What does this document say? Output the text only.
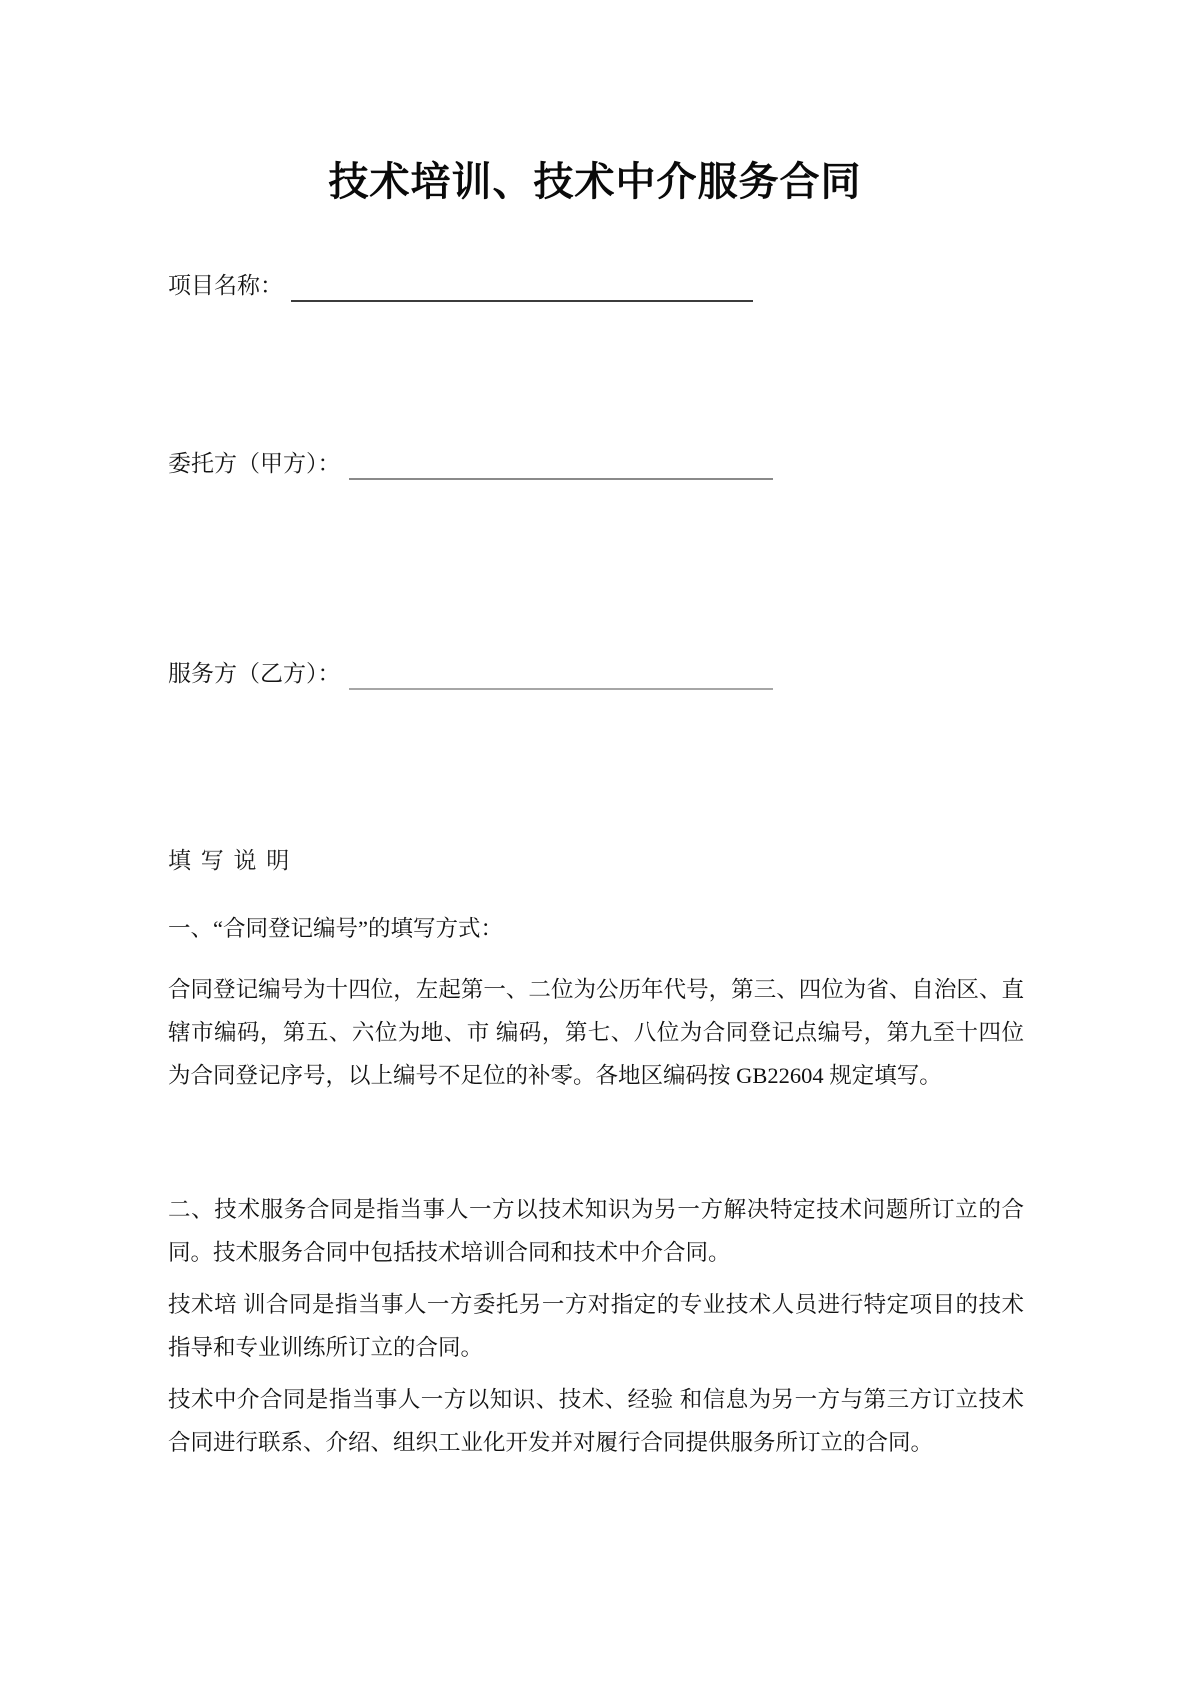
技术培训、技术中介服务合同
项目名称：
委托方（甲方）：
服务方（乙方）：
填 写 说 明
一、“合同登记编号”的填写方式：
合同登记编号为十四位，左起第一、二位为公历年代号，第三、四位为省、自治区、直辖市编码，第五、六位为地、市 编码，第七、八位为合同登记点编号，第九至十四位为合同登记序号，以上编号不足位的补零。各地区编码按 GB22604 规定填写。
二、技术服务合同是指当事人一方以技术知识为另一方解决特定技术问题所订立的合同。技术服务合同中包括技术培训合同和技术中介合同。
技术培 训合同是指当事人一方委托另一方对指定的专业技术人员进行特定项目的技术指导和专业训练所订立的合同。
技术中介合同是指当事人一方以知识、技术、经验 和信息为另一方与第三方订立技术合同进行联系、介绍、组织工业化开发并对履行合同提供服务所订立的合同。
